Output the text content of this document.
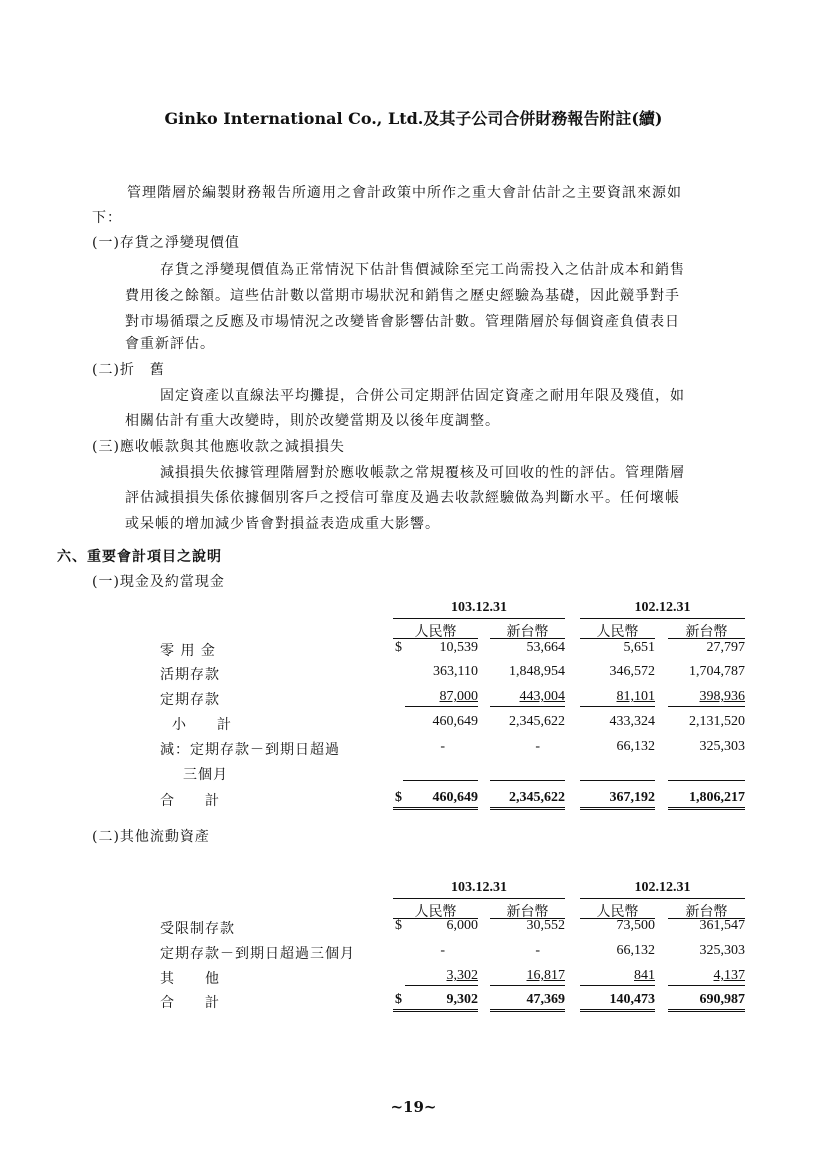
Ginko International Co., Ltd.及其子公司合併財務報告附註(續)
管理階層於編製財務報告所適用之會計政策中所作之重大會計估計之主要資訊來源如
下：
(一)存貨之淨變現價值
存貨之淨變現價值為正常情況下估計售價減除至完工尚需投入之估計成本和銷售
費用後之餘額。這些估計數以當期市場狀況和銷售之歷史經驗為基礎，因此競爭對手
對市場循環之反應及市場情況之改變皆會影響估計數。管理階層於每個資產負債表日
會重新評估。
(二)折　舊
固定資產以直線法平均攤提，合併公司定期評估固定資產之耐用年限及殘值，如
相關估計有重大改變時，則於改變當期及以後年度調整。
(三)應收帳款與其他應收款之減損損失
減損損失依據管理階層對於應收帳款之常規覆核及可回收的性的評估。管理階層
評估減損損失係依據個別客戶之授信可靠度及過去收款經驗做為判斷水平。任何壞帳
或呆帳的增加減少皆會對損益表造成重大影響。
六、重要會計項目之說明
(一)現金及約當現金
103.12.31	102.12.31
人民幣	新台幣	人民幣	新台幣
零 用 金	$	10,539	53,664	5,651	27,797
活期存款	363,110	1,848,954	346,572	1,704,787
定期存款	87,000	443,004	81,101	398,936
小　　計	460,649	2,345,622	433,324	2,131,520
減：定期存款－到期日超過
三個月
-	-	66,132	325,303
合　　計	$	460,649	2,345,622	367,192	1,806,217
(二)其他流動資產
103.12.31	102.12.31
人民幣	新台幣	人民幣	新台幣
受限制存款	$	6,000	30,552	73,500	361,547
定期存款－到期日超過三個月	-	-	66,132	325,303
其　　他	3,302	16,817	841	4,137
合　　計	$	9,302	47,369	140,473	690,987
~19~
